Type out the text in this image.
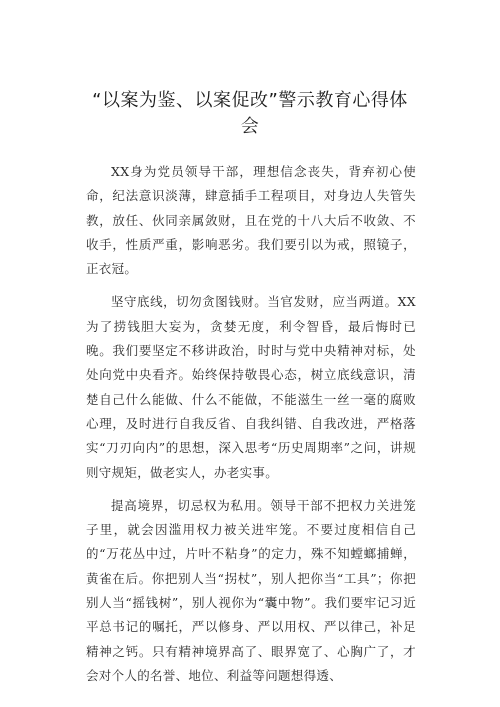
“以案为鉴、以案促改”警示教育心得体
会

XX身为党员领导干部，理想信念丧失，背弃初心使命，纪法意识淡薄，肆意插手工程项目，对身边人失管失教，放任、伙同亲属敛财，且在党的十八大后不收敛、不收手，性质严重，影响恶劣。我们要引以为戒，照镜子，正衣冠。

坚守底线，切勿贪图钱财。当官发财，应当两道。XX为了捞钱胆大妄为，贪婪无度，利令智昏，最后悔时已晚。我们要坚定不移讲政治，时时与党中央精神对标，处处向党中央看齐。始终保持敬畏心态，树立底线意识，清楚自己什么能做、什么不能做，不能滋生一丝一毫的腐败心理，及时进行自我反省、自我纠错、自我改进，严格落实“刀刃向内”的思想，深入思考“历史周期率”之问，讲规则守规矩，做老实人，办老实事。

提高境界，切忌权为私用。领导干部不把权力关进笼子里，就会因滥用权力被关进牢笼。不要过度相信自己的“万花丛中过，片叶不粘身”的定力，殊不知螳螂捕蝉，黄雀在后。你把别人当“拐杖”，别人把你当“工具”；你把别人当“摇钱树”，别人视你为“囊中物”。我们要牢记习近平总书记的嘱托，严以修身、严以用权、严以律己，补足精神之钙。只有精神境界高了、眼界宽了、心胸广了，才会对个人的名誉、地位、利益等问题想得透、
